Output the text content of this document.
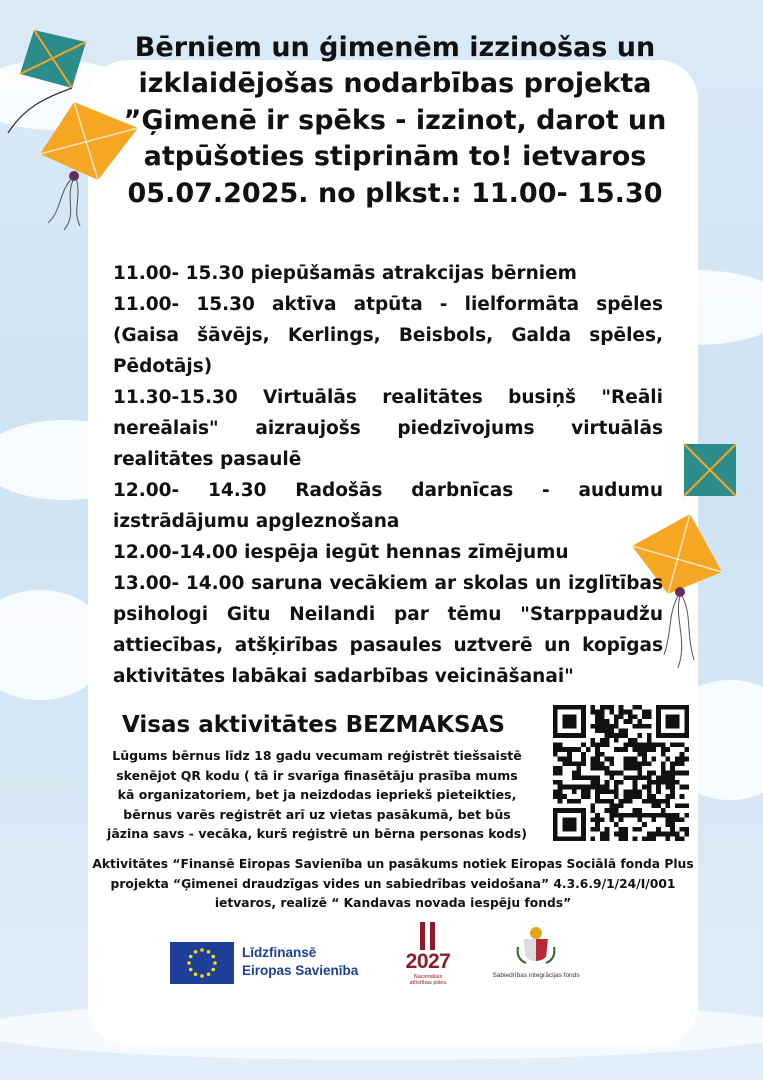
Bērniem un ģimenēm izzinošas un
izklaidējošas nodarbības projekta
”Ģimenē ir spēks - izzinot, darot un
atpūšoties stiprinām to! ietvaros
05.07.2025. no plkst.: 11.00- 15.30

11.00- 15.30 piepūšamās atrakcijas bērniem

11.00- 15.30 aktīva atpūta - lielformāta spēles (Gaisa šāvējs, Kerlings, Beisbols, Galda spēles, Pēdotājs)

11.30-15.30 Virtuālās realitātes busiņš "Reāli nereālais" aizraujošs piedzīvojums virtuālās realitātes pasaulē

12.00- 14.30 Radošās darbnīcas - audumu izstrādājumu apgleznošana

12.00-14.00 iespēja iegūt hennas zīmējumu

13.00- 14.00 saruna vecākiem ar skolas un izglītības psihologi Gitu Neilandi par tēmu "Starppaudžu attiecības, atšķirības pasaules uztverē un kopīgas aktivitātes labākai sadarbības veicināšanai"

Visas aktivitātes BEZMAKSAS
Lūgums bērnus līdz 18 gadu vecumam reģistrēt tiešsaistē
skenējot QR kodu ( tā ir svarīga finasētāju prasība mums
kā organizatoriem, bet ja neizdodas iepriekš pieteikties,
bērnus varēs reģistrēt arī uz vietas pasākumā, bet būs
jāzina savs - vecāka, kurš reģistrē un bērna personas kods)
Aktivitātes “Finansē Eiropas Savienība un pasākums notiek Eiropas Sociālā fonda Plus
projekta “Ģimenei draudzīgas vides un sabiedrības veidošana” 4.3.6.9/1/24/I/001
ietvaros, realizē “ Kandavas novada iespēju fonds”
Līdzfinansē
Eiropas Savienība	2027
Nacionālais
attīstības plāns
Sabiedrības integrācijas fonds
